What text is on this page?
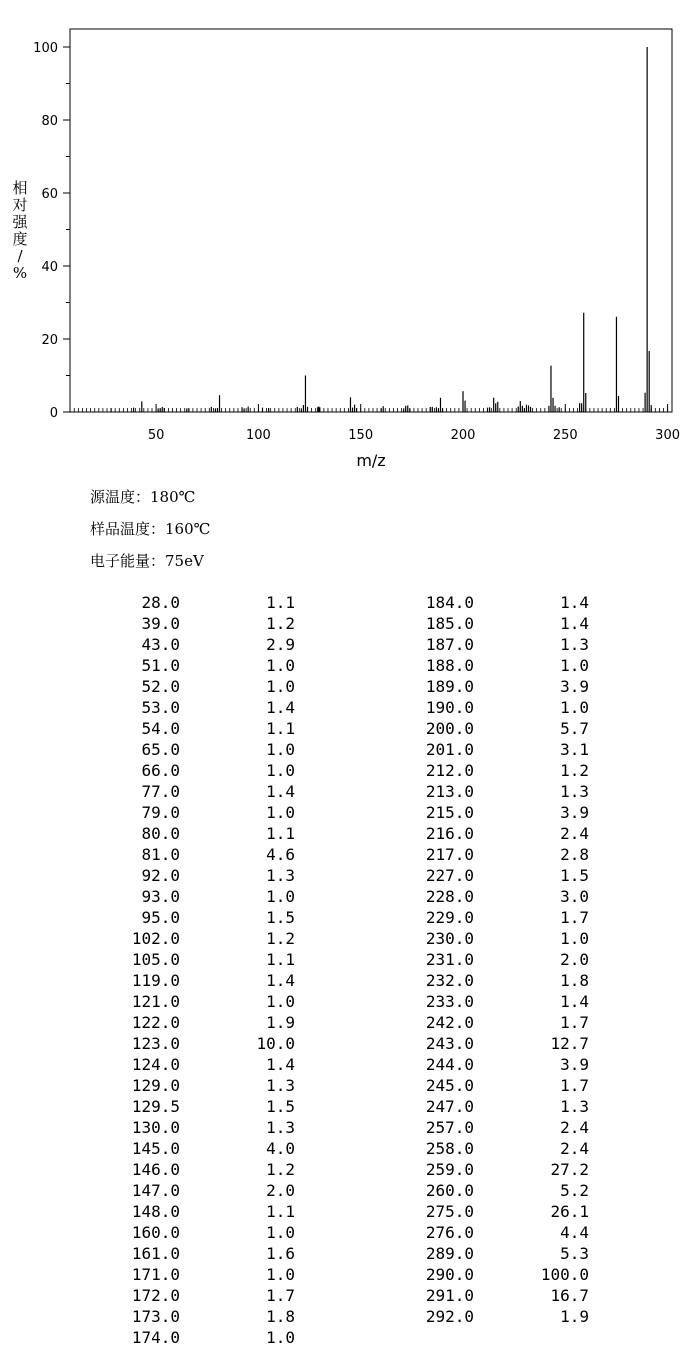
50	100	150	200	250	300
0
20
40
60
80
100
m/z
相
对
强
度
/
%
源温度：180℃
样品温度：160℃
电子能量：75eV
28.0	1.1
39.0	1.2
43.0	2.9
51.0	1.0
52.0	1.0
53.0	1.4
54.0	1.1
65.0	1.0
66.0	1.0
77.0	1.4
79.0	1.0
80.0	1.1
81.0	4.6
92.0	1.3
93.0	1.0
95.0	1.5
102.0	1.2
105.0	1.1
119.0	1.4
121.0	1.0
122.0	1.9
123.0	10.0
124.0	1.4
129.0	1.3
129.5	1.5
130.0	1.3
145.0	4.0
146.0	1.2
147.0	2.0
148.0	1.1
160.0	1.0
161.0	1.6
171.0	1.0
172.0	1.7
173.0	1.8
174.0	1.0
184.0	1.4
185.0	1.4
187.0	1.3
188.0	1.0
189.0	3.9
190.0	1.0
200.0	5.7
201.0	3.1
212.0	1.2
213.0	1.3
215.0	3.9
216.0	2.4
217.0	2.8
227.0	1.5
228.0	3.0
229.0	1.7
230.0	1.0
231.0	2.0
232.0	1.8
233.0	1.4
242.0	1.7
243.0	12.7
244.0	3.9
245.0	1.7
247.0	1.3
257.0	2.4
258.0	2.4
259.0	27.2
260.0	5.2
275.0	26.1
276.0	4.4
289.0	5.3
290.0	100.0
291.0	16.7
292.0	1.9
